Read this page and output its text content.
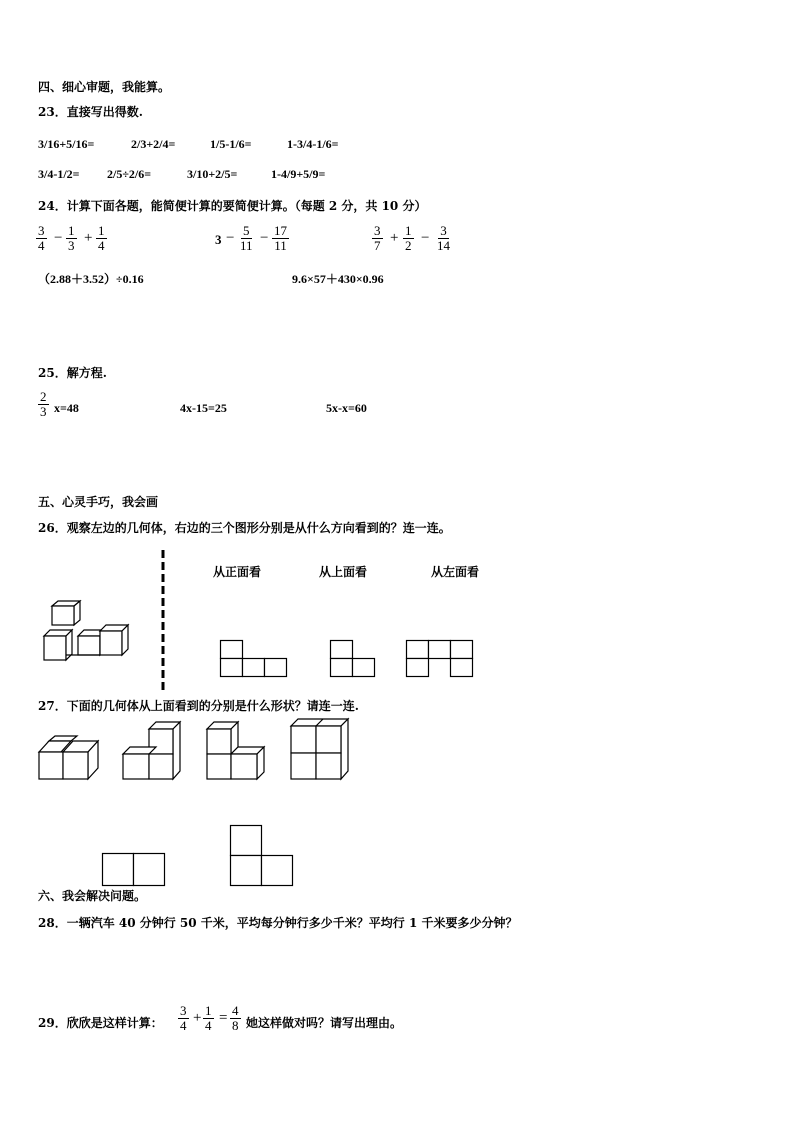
四、细心审题，我能算。
23．直接写出得数.
3/16+5/16=	2/3+2/4=	1/5-1/6=	1-3/4-1/6=
3/4-1/2= 2/5÷2/6=	3/10+2/5=	1-4/9+5/9=
24．计算下面各题，能简便计算的要简便计算。（每题 2 分，共 10 分）
$\frac{3}{4} - \frac{1}{3} + \frac{1}{4}$	$3 - \frac{5}{11} - \frac{17}{11}$	$\frac{3}{7} + \frac{1}{2} - \frac{3}{14}$
（2.88＋3.52）÷0.16	9.6×57＋430×0.96
25．解方程.
$\frac{2}{3} x=48$	4x-15=25	5x-x=60
五、心灵手巧，我会画
26．观察左边的几何体，右边的三个图形分别是从什么方向看到的？连一连。
从正面看	从上面看	从左面看
27．下面的几何体从上面看到的分别是什么形状？请连一连.
六、我会解决问题。
28．一辆汽车 40 分钟行 50 千米，平均每分钟行多少千米？平均行 1 千米要多少分钟？
29．欣欣是这样计算： $\frac{3}{4} + \frac{1}{4} = \frac{4}{8}$ 她这样做对吗？请写出理由。
